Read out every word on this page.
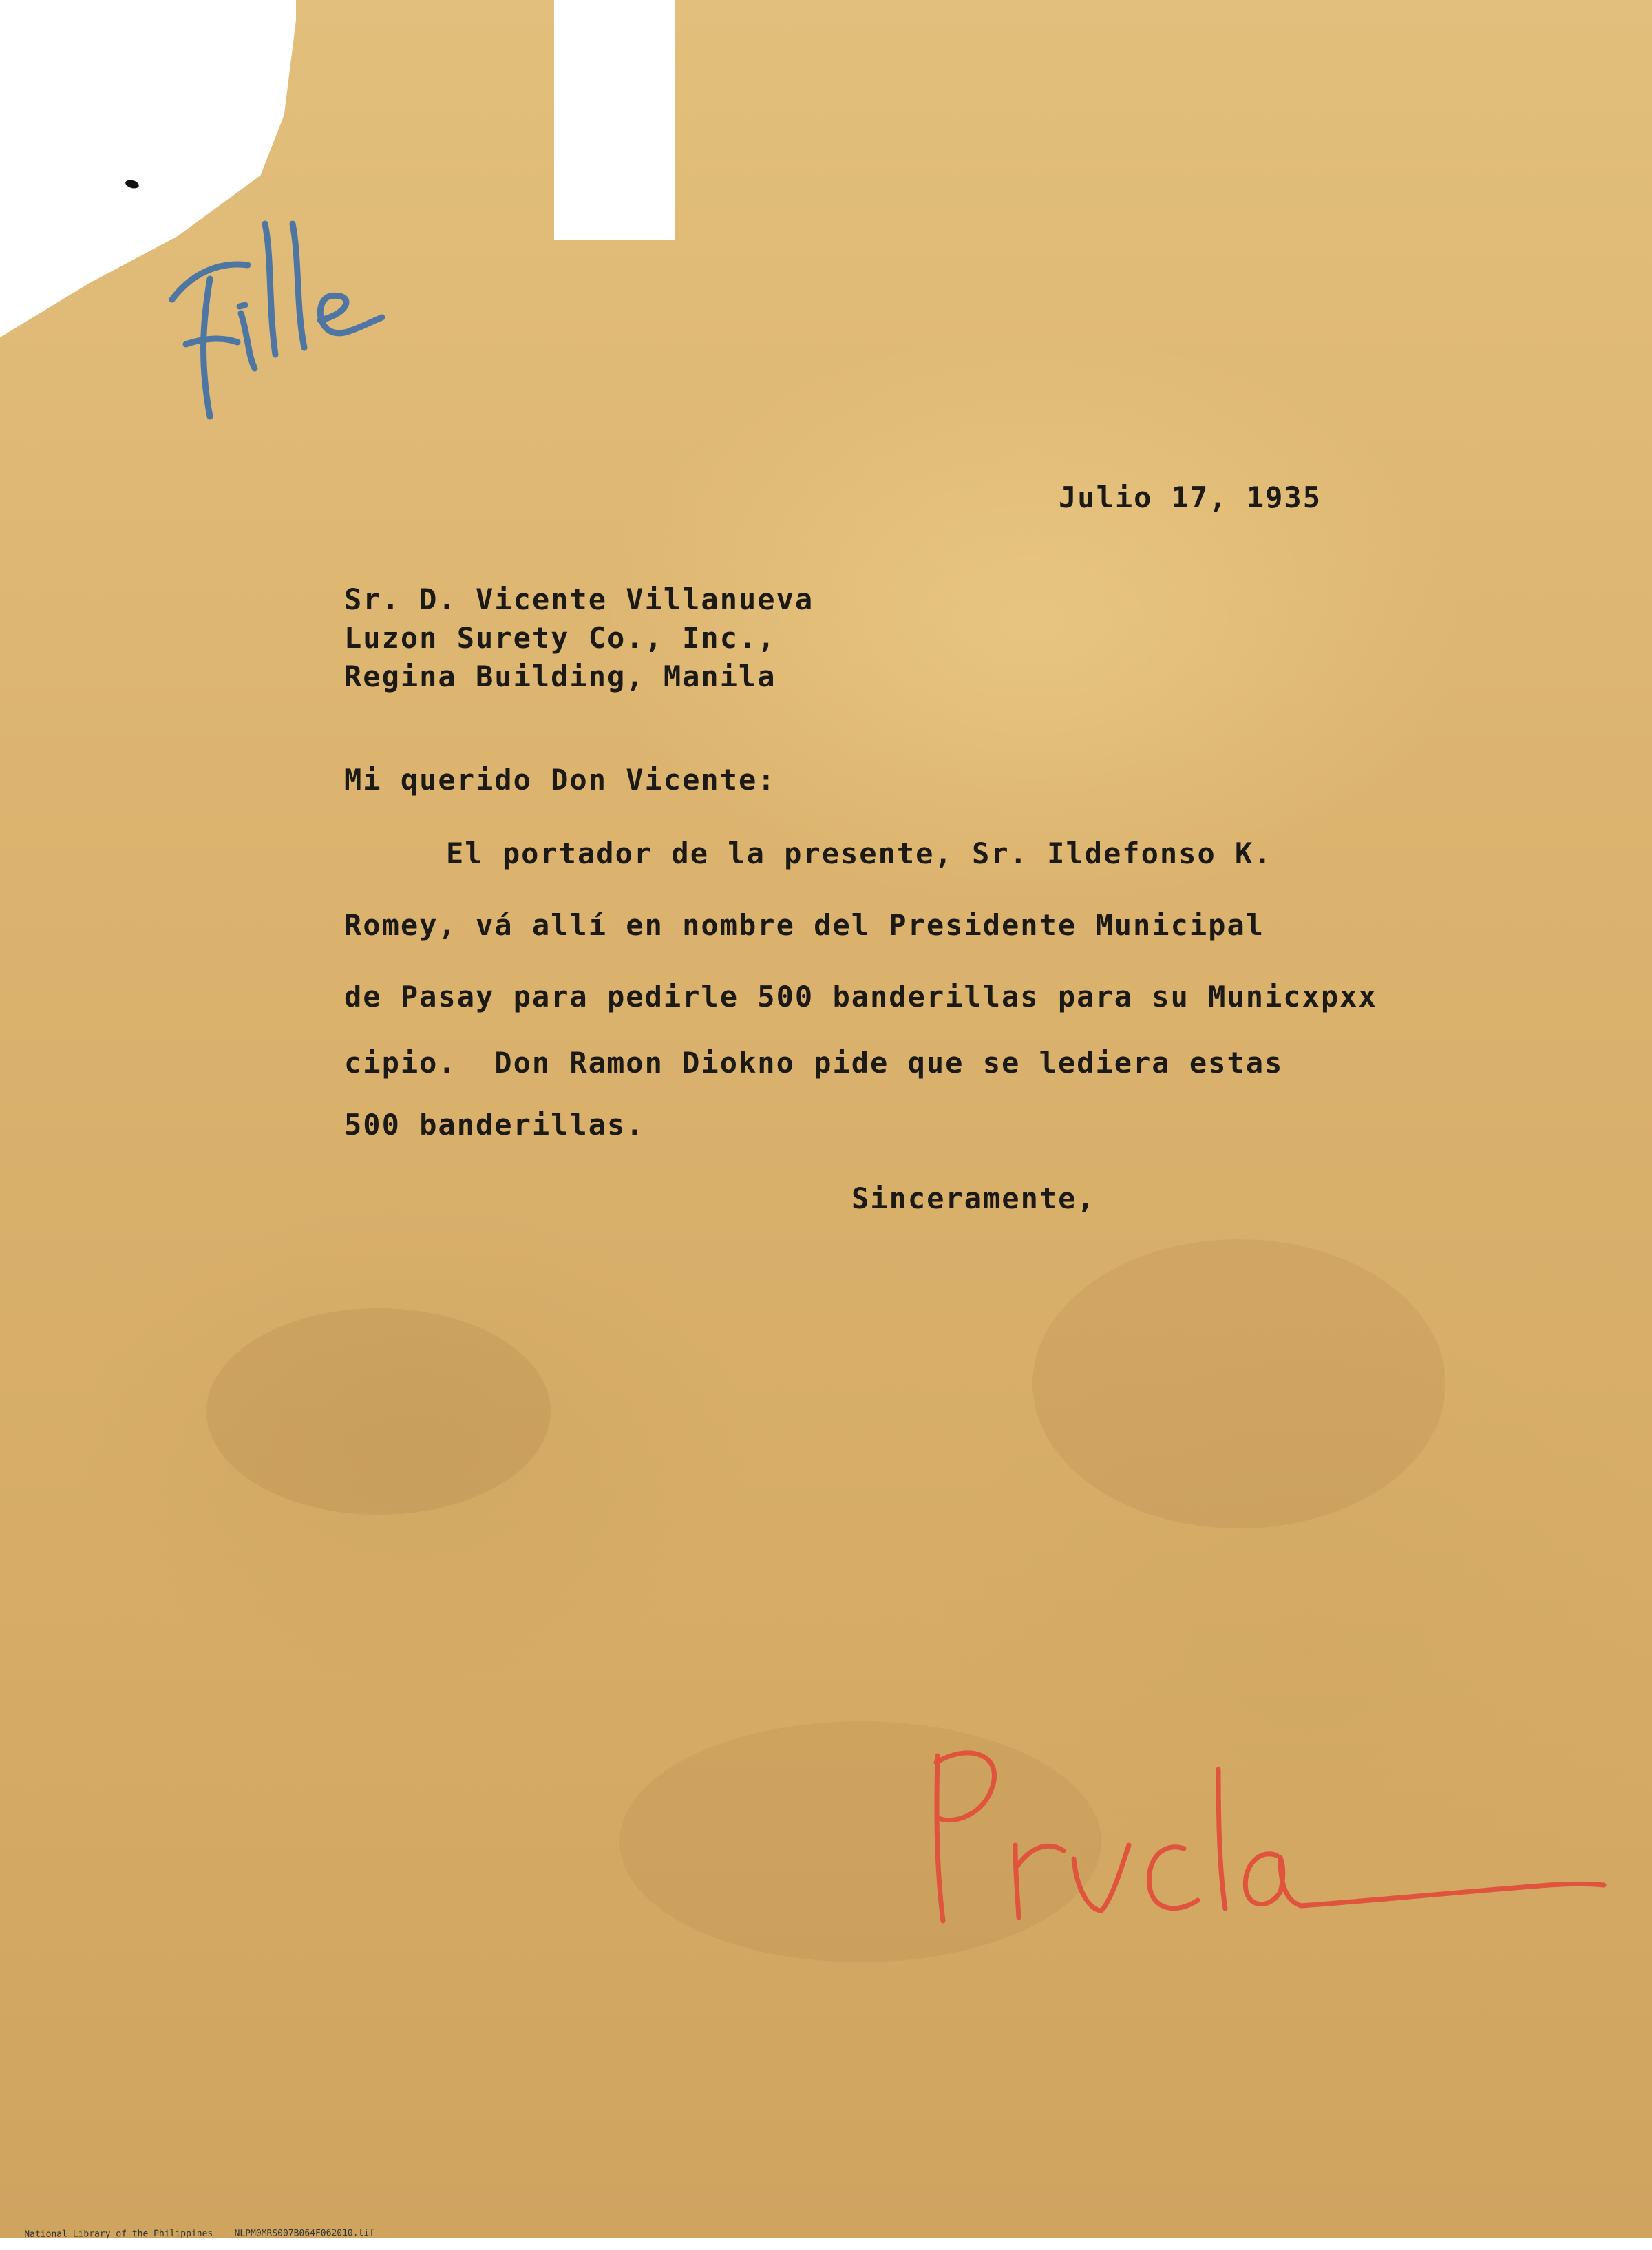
Julio 17, 1935
Sr. D. Vicente Villanueva
Luzon Surety Co., Inc.,
Regina Building, Manila
Mi querido Don Vicente:
El portador de la presente, Sr. Ildefonso K.
Romey, vá allí en nombre del Presidente Municipal
de Pasay para pedirle 500 banderillas para su Municxpxx
cipio.  Don Ramon Diokno pide que se lediera estas
500 banderillas.
Sinceramente,

National Library of the Philippines NLPM0MRS007B064F062010.tif
